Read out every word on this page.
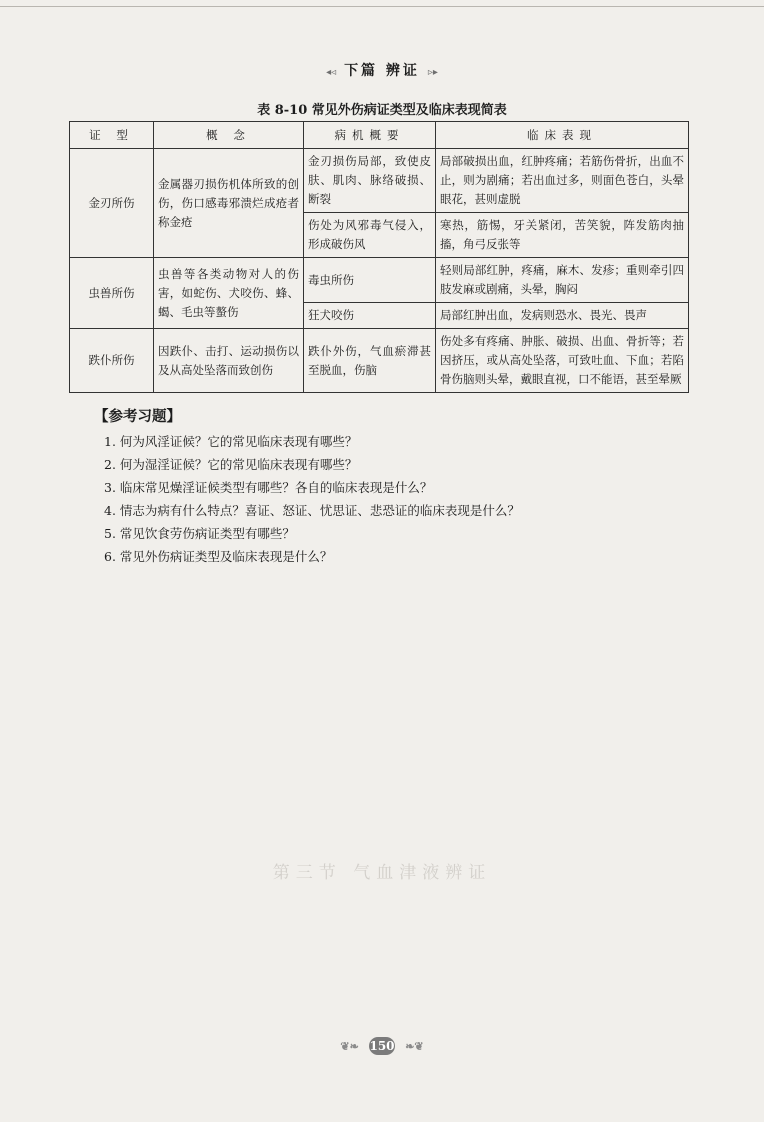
◂◃ 下篇 辨证 ▹▸
表 8-10 常见外伤病证类型及临床表现简表
证 型	概 念	病机概要	临床表现
金刃所伤	金属器刃损伤机体所致的创伤，伤口感毒邪溃烂成疮者称金疮	金刃损伤局部，致使皮肤、肌肉、脉络破损、断裂	局部破损出血，红肿疼痛；若筋伤骨折，出血不止，则为剧痛；若出血过多，则面色苍白，头晕眼花，甚则虚脱
		伤处为风邪毒气侵入，形成破伤风	寒热，筋惕，牙关紧闭，苦笑貌，阵发筋肉抽搐，角弓反张等
虫兽所伤	虫兽等各类动物对人的伤害，如蛇伤、犬咬伤、蜂、蝎、毛虫等螯伤	毒虫所伤	轻则局部红肿，疼痛，麻木、发疹；重则牵引四肢发麻或剧痛，头晕，胸闷
		狂犬咬伤	局部红肿出血，发病则恐水、畏光、畏声
跌仆所伤	因跌仆、击打、运动损伤以及从高处坠落而致创伤	跌仆外伤，气血瘀滞甚至脱血，伤脑	伤处多有疼痛、肿胀、破损、出血、骨折等；若因挤压，或从高处坠落，可致吐血、下血；若陷骨伤脑则头晕，戴眼直视，口不能语，甚至晕厥
【参考习题】
1. 何为风淫证候？它的常见临床表现有哪些？
2. 何为湿淫证候？它的常见临床表现有哪些？
3. 临床常见燥淫证候类型有哪些？各自的临床表现是什么？
4. 情志为病有什么特点？喜证、怒证、忧思证、悲恐证的临床表现是什么？
5. 常见饮食劳伤病证类型有哪些？
6. 常见外伤病证类型及临床表现是什么？
第三节 气血津液辨证
❦❧ 150 ❧❦
